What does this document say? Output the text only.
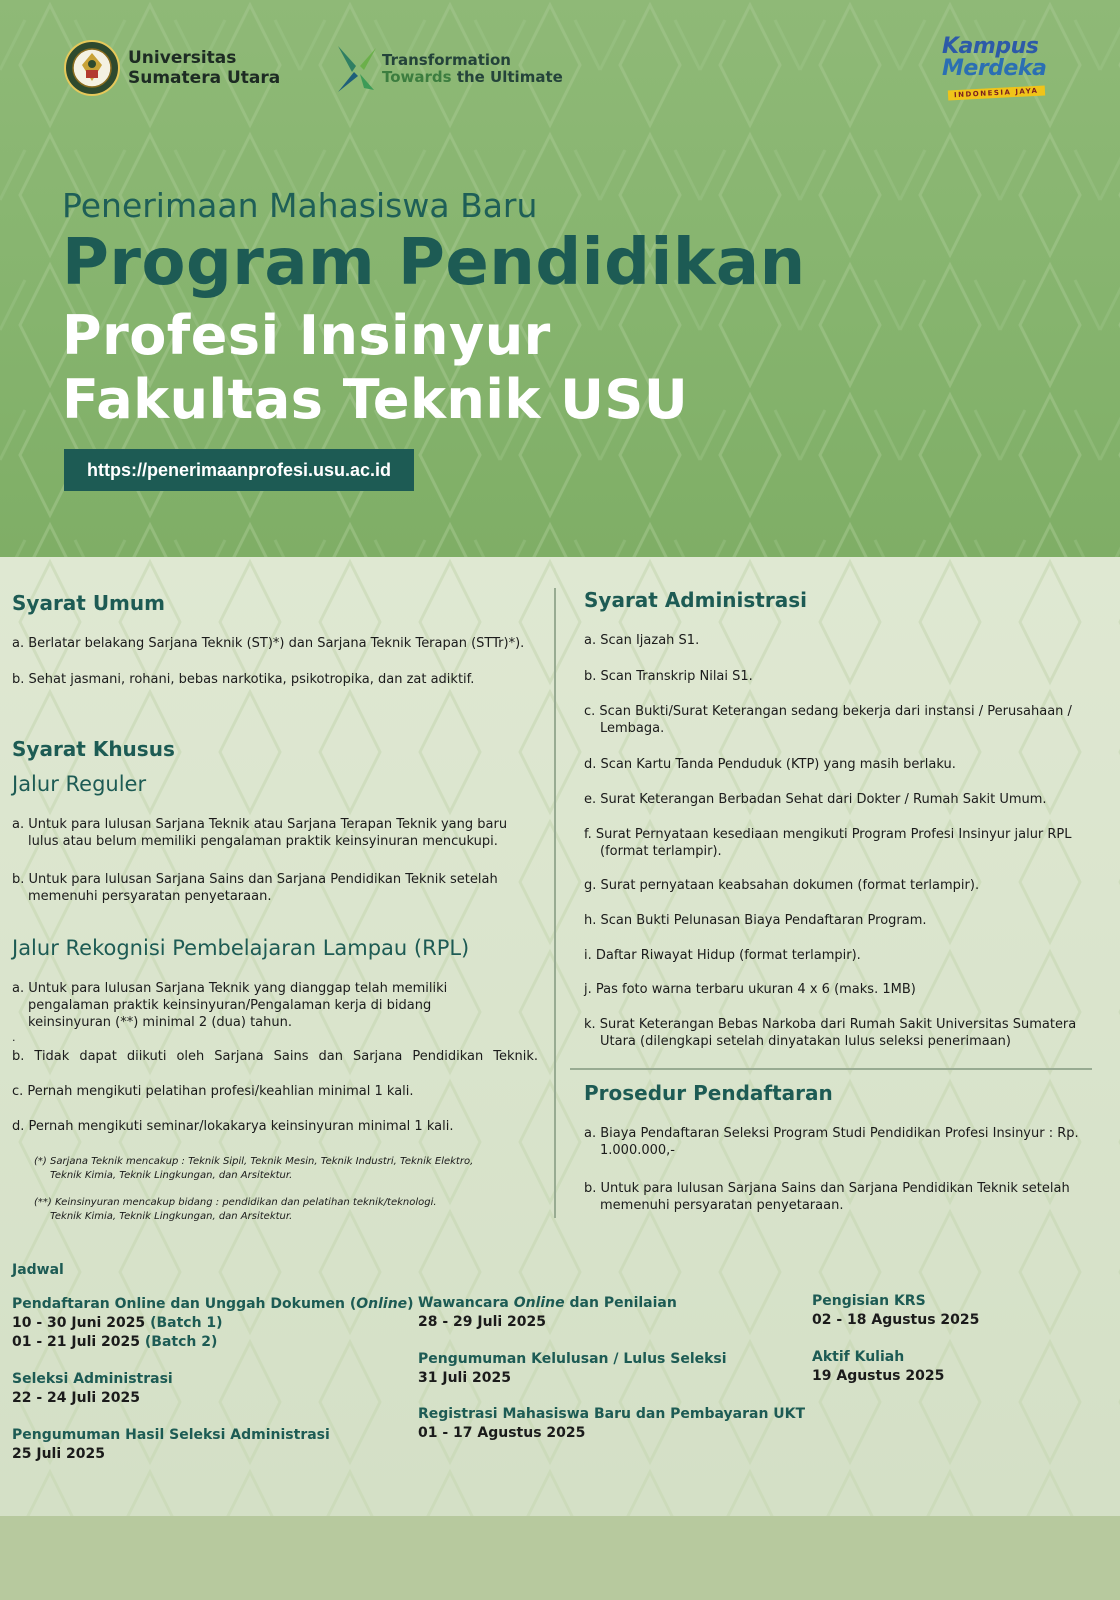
Universitas
Sumatera Utara
Transformation
Towards the Ultimate
Kampus
Merdeka
INDONESIA JAYA
Penerimaan Mahasiswa Baru
Program Pendidikan
Profesi Insinyur
Fakultas Teknik USU
https://penerimaanprofesi.usu.ac.id
Syarat Umum
a. Berlatar belakang Sarjana Teknik (ST)*) dan Sarjana Teknik Terapan (STTr)*).
b. Sehat jasmani, rohani, bebas narkotika, psikotropika, dan zat adiktif.
Syarat Khusus
Jalur Reguler
a. Untuk para lulusan Sarjana Teknik atau Sarjana Terapan Teknik yang baru lulus atau belum memiliki pengalaman praktik keinsyinuran mencukupi.
b. Untuk para lulusan Sarjana Sains dan Sarjana Pendidikan Teknik setelah memenuhi persyaratan penyetaraan.
Jalur Rekognisi Pembelajaran Lampau (RPL)
a. Untuk para lulusan Sarjana Teknik yang dianggap telah memiliki pengalaman praktik keinsinyuran/Pengalaman kerja di bidang keinsinyuran (**) minimal 2 (dua) tahun.
.
b. Tidak dapat diikuti oleh Sarjana Sains dan Sarjana Pendidikan Teknik.
c. Pernah mengikuti pelatihan profesi/keahlian minimal 1 kali.
d. Pernah mengikuti seminar/lokakarya keinsinyuran minimal 1 kali.
(*) Sarjana Teknik mencakup : Teknik Sipil, Teknik Mesin, Teknik Industri, Teknik Elektro,
Teknik Kimia, Teknik Lingkungan, dan Arsitektur.
(**) Keinsinyuran mencakup bidang : pendidikan dan pelatihan teknik/teknologi.
Teknik Kimia, Teknik Lingkungan, dan Arsitektur.
Syarat Administrasi
a. Scan Ijazah S1.
b. Scan Transkrip Nilai S1.
c. Scan Bukti/Surat Keterangan sedang bekerja dari instansi / Perusahaan / Lembaga.
d. Scan Kartu Tanda Penduduk (KTP) yang masih berlaku.
e. Surat Keterangan Berbadan Sehat dari Dokter / Rumah Sakit Umum.
f. Surat Pernyataan kesediaan mengikuti Program Profesi Insinyur jalur RPL (format terlampir).
g. Surat pernyataan keabsahan dokumen (format terlampir).
h. Scan Bukti Pelunasan Biaya Pendaftaran Program.
i. Daftar Riwayat Hidup (format terlampir).
j. Pas foto warna terbaru ukuran 4 x 6 (maks. 1MB)
k. Surat Keterangan Bebas Narkoba dari Rumah Sakit Universitas Sumatera Utara (dilengkapi setelah dinyatakan lulus seleksi penerimaan)
Prosedur Pendaftaran
a. Biaya Pendaftaran Seleksi Program Studi Pendidikan Profesi Insinyur : Rp. 1.000.000,-
b. Untuk para lulusan Sarjana Sains dan Sarjana Pendidikan Teknik setelah memenuhi persyaratan penyetaraan.
Jadwal
Pendaftaran Online dan Unggah Dokumen (Online)
10 - 30 Juni 2025 (Batch 1)
01 - 21 Juli 2025 (Batch 2)
Seleksi Administrasi
22 - 24 Juli 2025
Pengumuman Hasil Seleksi Administrasi
25 Juli 2025
Wawancara Online dan Penilaian
28 - 29 Juli 2025
Pengumuman Kelulusan / Lulus Seleksi
31 Juli 2025
Registrasi Mahasiswa Baru dan Pembayaran UKT
01 - 17 Agustus 2025
Pengisian KRS
02 - 18 Agustus 2025
Aktif Kuliah
19 Agustus 2025
